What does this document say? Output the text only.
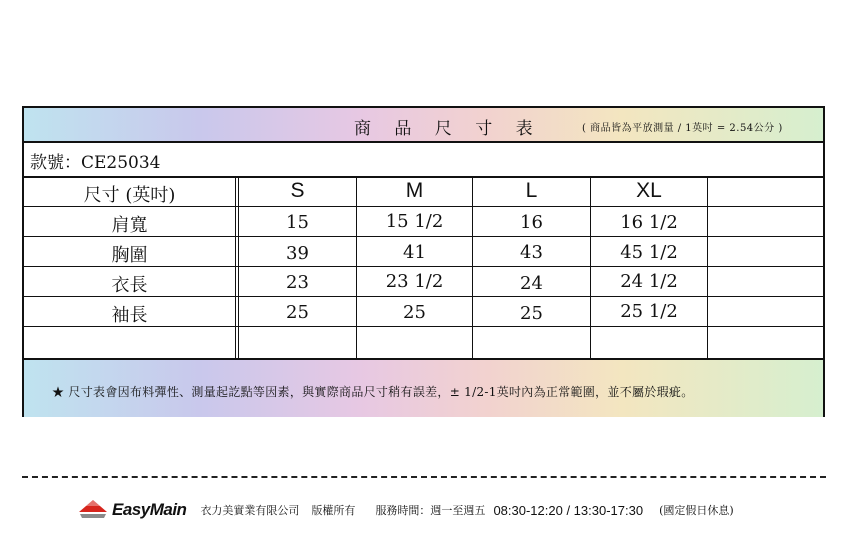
商 品 尺 寸 表	( 商品皆為平放測量 / 1英吋 = 2.54公分 )
款號：CE25034
尺寸 (英吋)	S	M	L	XL
肩寬	15	15 1/2	16	16 1/2
胸圍	39	41	43	45 1/2
衣長	23	23 1/2	24	24 1/2
袖長	25	25	25	25 1/2
★ 尺寸表會因布料彈性、測量起訖點等因素，與實際商品尺寸稍有誤差，± 1/2-1英吋內為正常範圍，並不屬於瑕疵。
EasyMain 衣力美實業有限公司 版權所有 服務時間：週一至週五 08:30-12:20 / 13:30-17:30 (國定假日休息)
